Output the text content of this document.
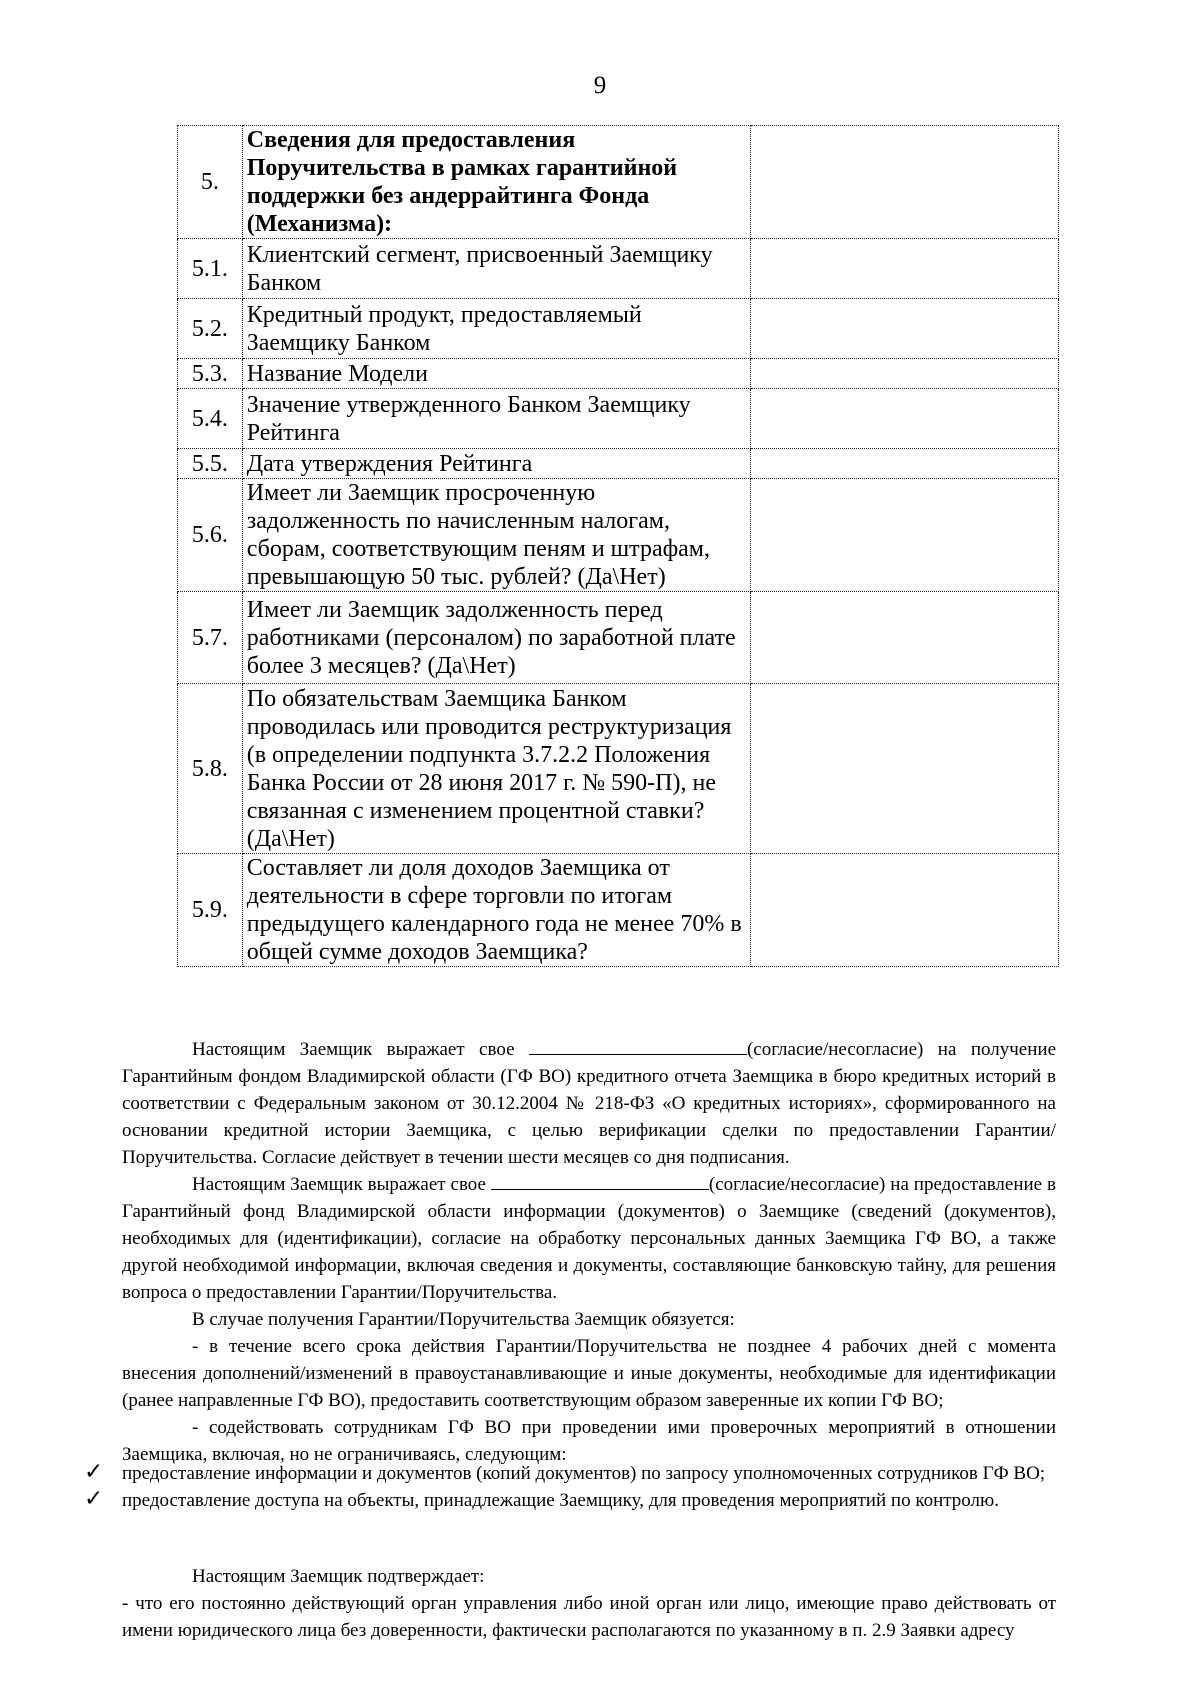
9
5.	Сведения для предоставления Поручительства в рамках гарантийной поддержки без андеррайтинга Фонда (Механизма):	
5.1.	Клиентский сегмент, присвоенный Заемщику Банком	
5.2.	Кредитный продукт, предоставляемый Заемщику Банком	
5.3.	Название Модели	
5.4.	Значение утвержденного Банком Заемщику Рейтинга	
5.5.	Дата утверждения Рейтинга	
5.6.	Имеет ли Заемщик просроченную задолженность по начисленным налогам, сборам, соответствующим пеням и штрафам, превышающую 50 тыс. рублей? (Да\Нет)	
5.7.	Имеет ли Заемщик задолженность перед работниками (персоналом) по заработной плате более 3 месяцев? (Да\Нет)	
5.8.	По обязательствам Заемщика Банком проводилась или проводится реструктуризация (в определении подпункта 3.7.2.2 Положения Банка России от 28 июня 2017 г. № 590-П), не связанная с изменением процентной ставки? (Да\Нет)	
5.9.	Составляет ли доля доходов Заемщика от деятельности в сфере торговли по итогам предыдущего календарного года не менее 70% в общей сумме доходов Заемщика?	

Настоящим Заемщик выражает свое	(согласие/несогласие) на получение Гарантийным фондом Владимирской области (ГФ ВО) кредитного отчета Заемщика в бюро кредитных историй в соответствии с Федеральным законом от 30.12.2004 № 218-ФЗ «О кредитных историях», сформированного на основании кредитной истории Заемщика, с целью верификации сделки по предоставлении Гарантии/Поручительства. Согласие действует в течении шести месяцев со дня подписания.

Настоящим Заемщик выражает свое	(согласие/несогласие) на предоставление в Гарантийный фонд Владимирской области информации (документов) о Заемщике (сведений (документов), необходимых для (идентификации), согласие на обработку персональных данных Заемщика ГФ ВО, а также другой необходимой информации, включая сведения и документы, составляющие банковскую тайну, для решения вопроса о предоставлении Гарантии/Поручительства.

В случае получения Гарантии/Поручительства Заемщик обязуется:

- в течение всего срока действия Гарантии/Поручительства не позднее 4 рабочих дней с момента внесения дополнений/изменений в правоустанавливающие и иные документы, необходимые для идентификации (ранее направленные ГФ ВО), предоставить соответствующим образом заверенные их копии ГФ ВО;

- содействовать сотрудникам ГФ ВО при проведении ими проверочных мероприятий в отношении Заемщика, включая, но не ограничиваясь, следующим:

✓ предоставление информации и документов (копий документов) по запросу уполномоченных сотрудников ГФ ВО;
✓ предоставление доступа на объекты, принадлежащие Заемщику, для проведения мероприятий по контролю.

Настоящим Заемщик подтверждает:

- что его постоянно действующий орган управления либо иной орган или лицо, имеющие право действовать от имени юридического лица без доверенности, фактически располагаются по указанному в п. 2.9 Заявки адресу
